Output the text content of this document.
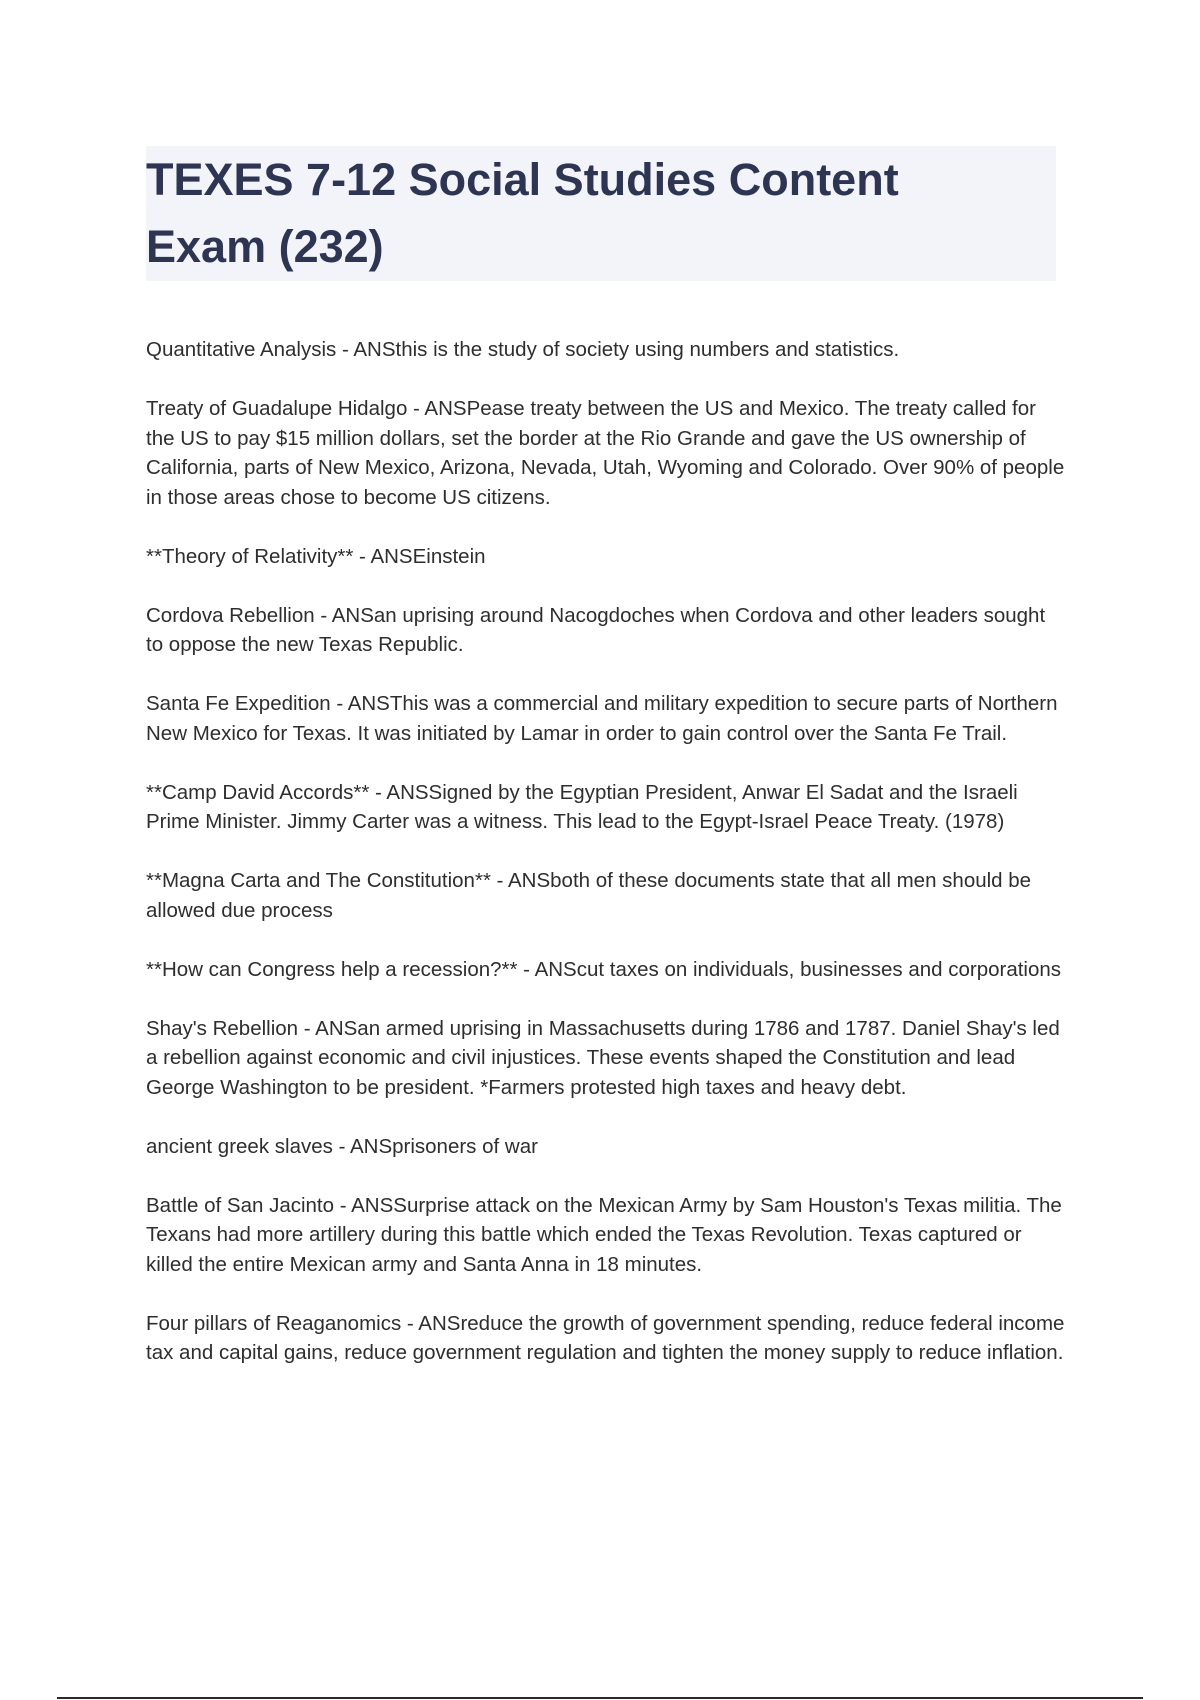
TEXES 7-12 Social Studies Content Exam (232)

Quantitative Analysis - ANSthis is the study of society using numbers and statistics.

Treaty of Guadalupe Hidalgo - ANSPease treaty between the US and Mexico. The treaty called for the US to pay $15 million dollars, set the border at the Rio Grande and gave the US ownership of California, parts of New Mexico, Arizona, Nevada, Utah, Wyoming and Colorado. Over 90% of people in those areas chose to become US citizens.

**Theory of Relativity** - ANSEinstein

Cordova Rebellion - ANSan uprising around Nacogdoches when Cordova and other leaders sought to oppose the new Texas Republic.

Santa Fe Expedition - ANSThis was a commercial and military expedition to secure parts of Northern New Mexico for Texas. It was initiated by Lamar in order to gain control over the Santa Fe Trail.

**Camp David Accords** - ANSSigned by the Egyptian President, Anwar El Sadat and the Israeli Prime Minister. Jimmy Carter was a witness. This lead to the Egypt-Israel Peace Treaty. (1978)

**Magna Carta and The Constitution** - ANSboth of these documents state that all men should be allowed due process

**How can Congress help a recession?** - ANScut taxes on individuals, businesses and corporations

Shay's Rebellion - ANSan armed uprising in Massachusetts during 1786 and 1787. Daniel Shay's led a rebellion against economic and civil injustices. These events shaped the Constitution and lead George Washington to be president. *Farmers protested high taxes and heavy debt.

ancient greek slaves - ANSprisoners of war

Battle of San Jacinto - ANSSurprise attack on the Mexican Army by Sam Houston's Texas militia. The Texans had more artillery during this battle which ended the Texas Revolution. Texas captured or killed the entire Mexican army and Santa Anna in 18 minutes.

Four pillars of Reaganomics - ANSreduce the growth of government spending, reduce federal income tax and capital gains, reduce government regulation and tighten the money supply to reduce inflation.
